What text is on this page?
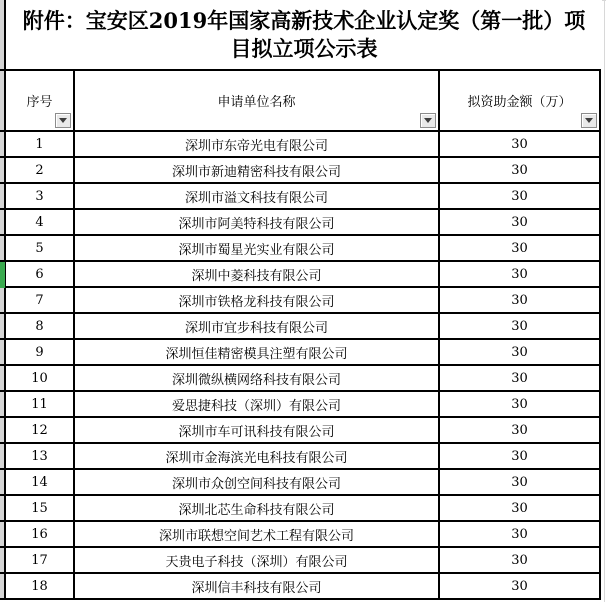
附件：宝安区2019年国家高新技术企业认定奖（第一批）项
目拟立项公示表
序号	申请单位名称	拟资助金额（万）
1	深圳市东帝光电有限公司	30
2	深圳市新迪精密科技有限公司	30
3	深圳市溢文科技有限公司	30
4	深圳市阿美特科技有限公司	30
5	深圳市蜀星光实业有限公司	30
6	深圳中菱科技有限公司	30
7	深圳市铁格龙科技有限公司	30
8	深圳市宜步科技有限公司	30
9	深圳恒佳精密模具注塑有限公司	30
10	深圳微纵横网络科技有限公司	30
11	爱思捷科技（深圳）有限公司	30
12	深圳市车可讯科技有限公司	30
13	深圳市金海滨光电科技有限公司	30
14	深圳市众创空间科技有限公司	30
15	深圳北芯生命科技有限公司	30
16	深圳市联想空间艺术工程有限公司	30
17	天贵电子科技（深圳）有限公司	30
18	深圳信丰科技有限公司	30
